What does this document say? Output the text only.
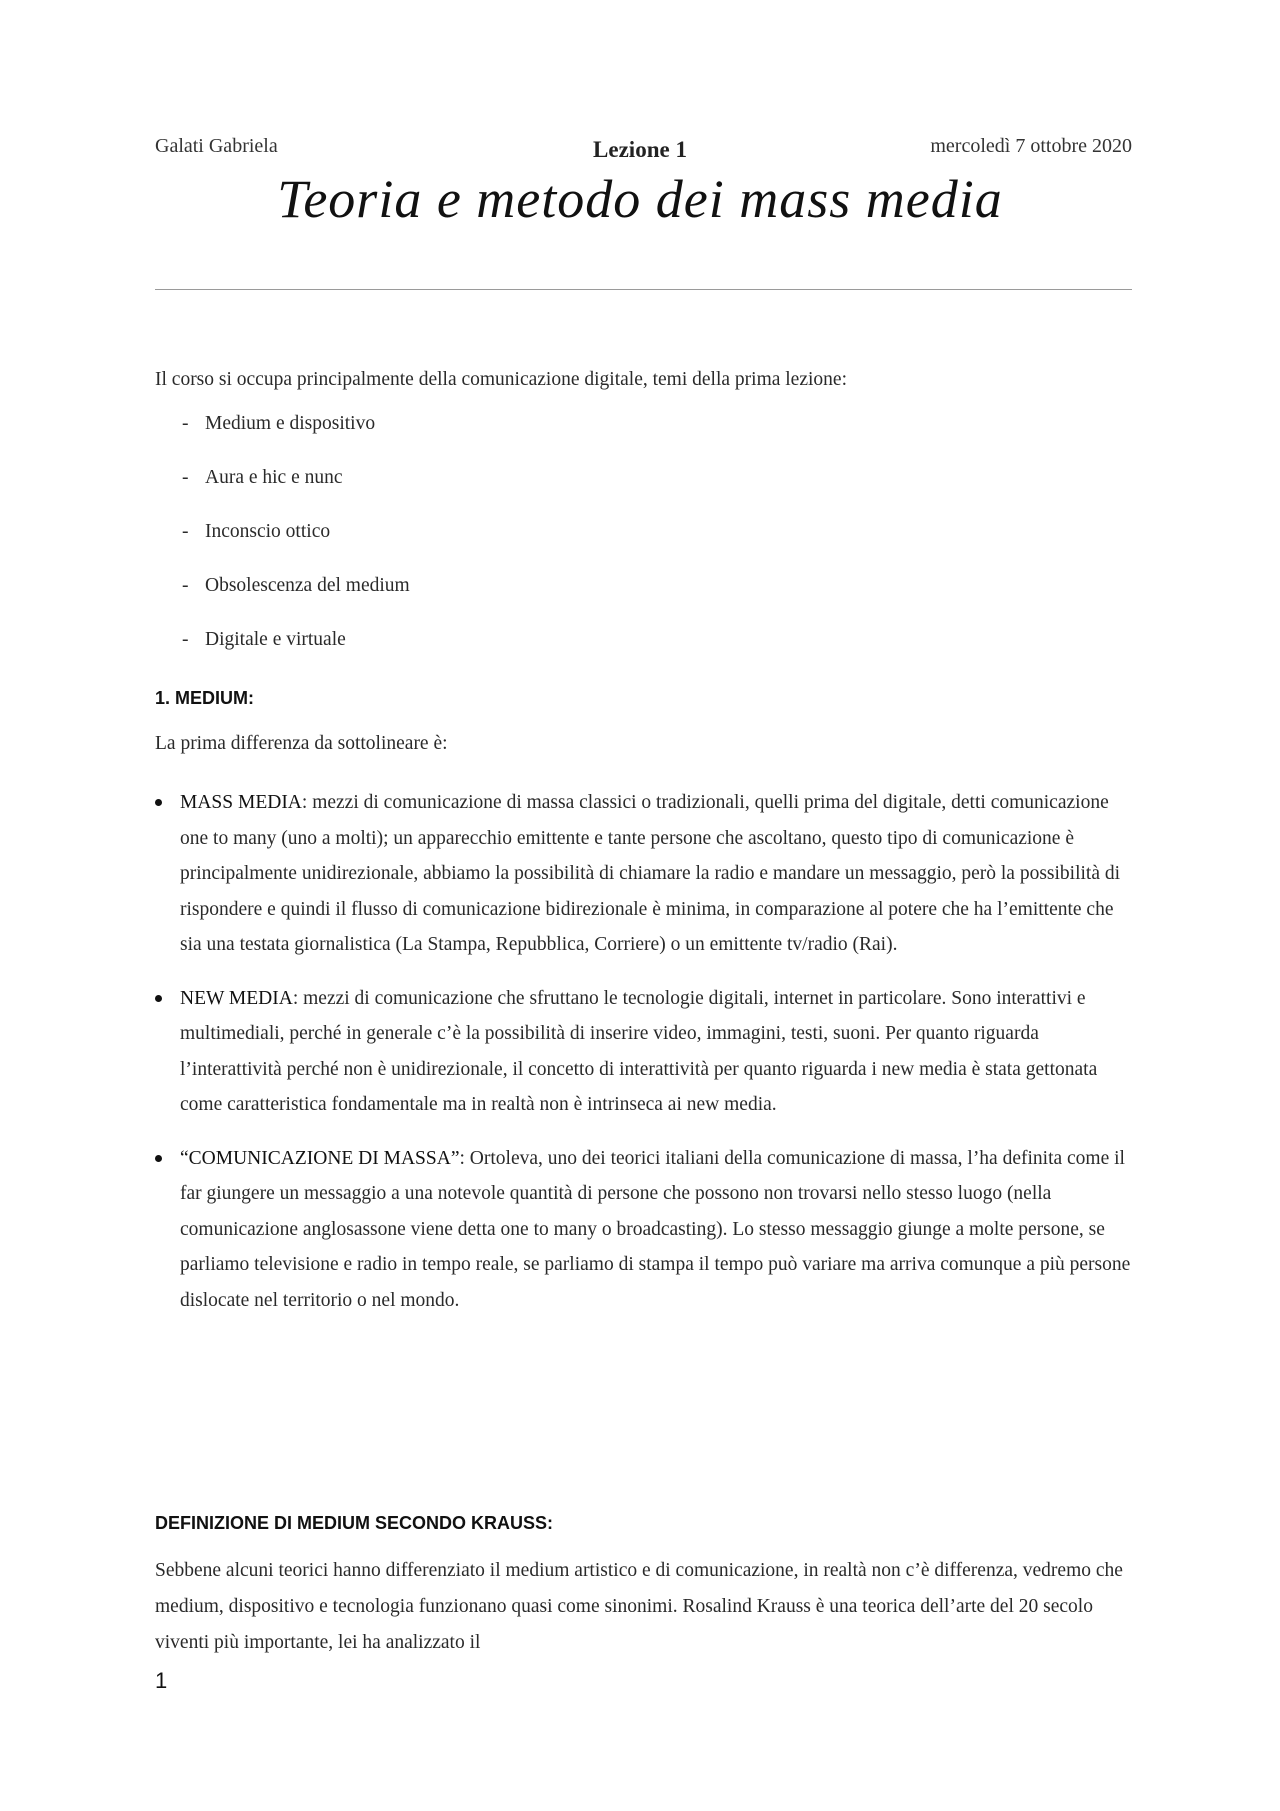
Galati Gabriela	Lezione 1	mercoledì 7 ottobre 2020
Teoria e metodo dei mass media

Il corso si occupa principalmente della comunicazione digitale, temi della prima lezione:

- Medium e dispositivo
- Aura e hic e nunc
- Inconscio ottico
- Obsolescenza del medium
- Digitale e virtuale

1. MEDIUM:

La prima differenza da sottolineare è:

MASS MEDIA: mezzi di comunicazione di massa classici o tradizionali, quelli prima del digitale, detti comunicazione one to many (uno a molti); un apparecchio emittente e tante persone che ascoltano, questo tipo di comunicazione è principalmente unidirezionale, abbiamo la possibilità di chiamare la radio e mandare un messaggio, però la possibilità di rispondere e quindi il flusso di comunicazione bidirezionale è minima, in comparazione al potere che ha l’emittente che sia una testata giornalistica (La Stampa, Repubblica, Corriere) o un emittente tv/radio (Rai).
NEW MEDIA: mezzi di comunicazione che sfruttano le tecnologie digitali, internet in particolare. Sono interattivi e multimediali, perché in generale c’è la possibilità di inserire video, immagini, testi, suoni. Per quanto riguarda l’interattività perché non è unidirezionale, il concetto di interattività per quanto riguarda i new media è stata gettonata come caratteristica fondamentale ma in realtà non è intrinseca ai new media.
“COMUNICAZIONE DI MASSA”: Ortoleva, uno dei teorici italiani della comunicazione di massa, l’ha definita come il far giungere un messaggio a una notevole quantità di persone che possono non trovarsi nello stesso luogo (nella comunicazione anglosassone viene detta one to many o broadcasting). Lo stesso messaggio giunge a molte persone, se parliamo televisione e radio in tempo reale, se parliamo di stampa il tempo può variare ma arriva comunque a più persone dislocate nel territorio o nel mondo.

DEFINIZIONE DI MEDIUM SECONDO KRAUSS:

Sebbene alcuni teorici hanno differenziato il medium artistico e di comunicazione, in realtà non c’è differenza, vedremo che medium, dispositivo e tecnologia funzionano quasi come sinonimi. Rosalind Krauss è una teorica dell’arte del 20 secolo viventi più importante, lei ha analizzato il

1
